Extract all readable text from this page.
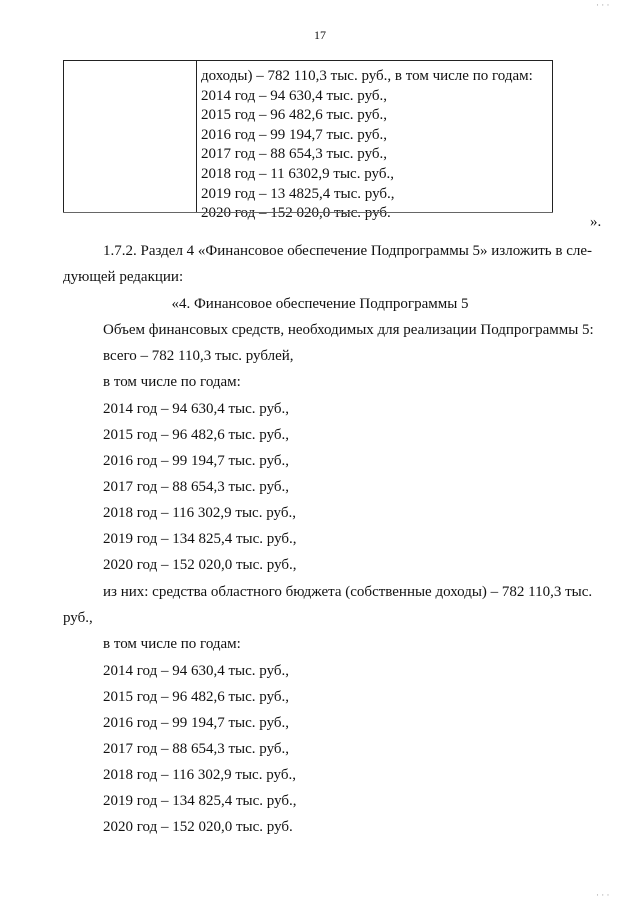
17
доходы) – 782 110,3 тыс. руб., в том числе по годам:
2014 год – 94 630,4 тыс. руб.,
2015 год – 96 482,6 тыс. руб.,
2016 год – 99 194,7 тыс. руб.,
2017 год – 88 654,3 тыс. руб.,
2018 год – 11 6302,9 тыс. руб.,
2019 год – 13 4825,4 тыс. руб.,
2020 год – 152 020,0 тыс. руб.
».
1.7.2. Раздел 4 «Финансовое обеспечение Подпрограммы 5» изложить в сле-
дующей редакции:
«4. Финансовое обеспечение Подпрограммы 5
Объем финансовых средств, необходимых для реализации Подпрограммы 5:
всего – 782 110,3 тыс. рублей,
в том числе по годам:
2014 год – 94 630,4 тыс. руб.,
2015 год – 96 482,6 тыс. руб.,
2016 год – 99 194,7 тыс. руб.,
2017 год – 88 654,3 тыс. руб.,
2018 год – 116 302,9 тыс. руб.,
2019 год – 134 825,4 тыс. руб.,
2020 год – 152 020,0 тыс. руб.,
из них: средства областного бюджета (собственные доходы) – 782 110,3 тыс.
руб.,
в том числе по годам:
2014 год – 94 630,4 тыс. руб.,
2015 год – 96 482,6 тыс. руб.,
2016 год – 99 194,7 тыс. руб.,
2017 год – 88 654,3 тыс. руб.,
2018 год – 116 302,9 тыс. руб.,
2019 год – 134 825,4 тыс. руб.,
2020 год – 152 020,0 тыс. руб.
· · ·
· · ·
